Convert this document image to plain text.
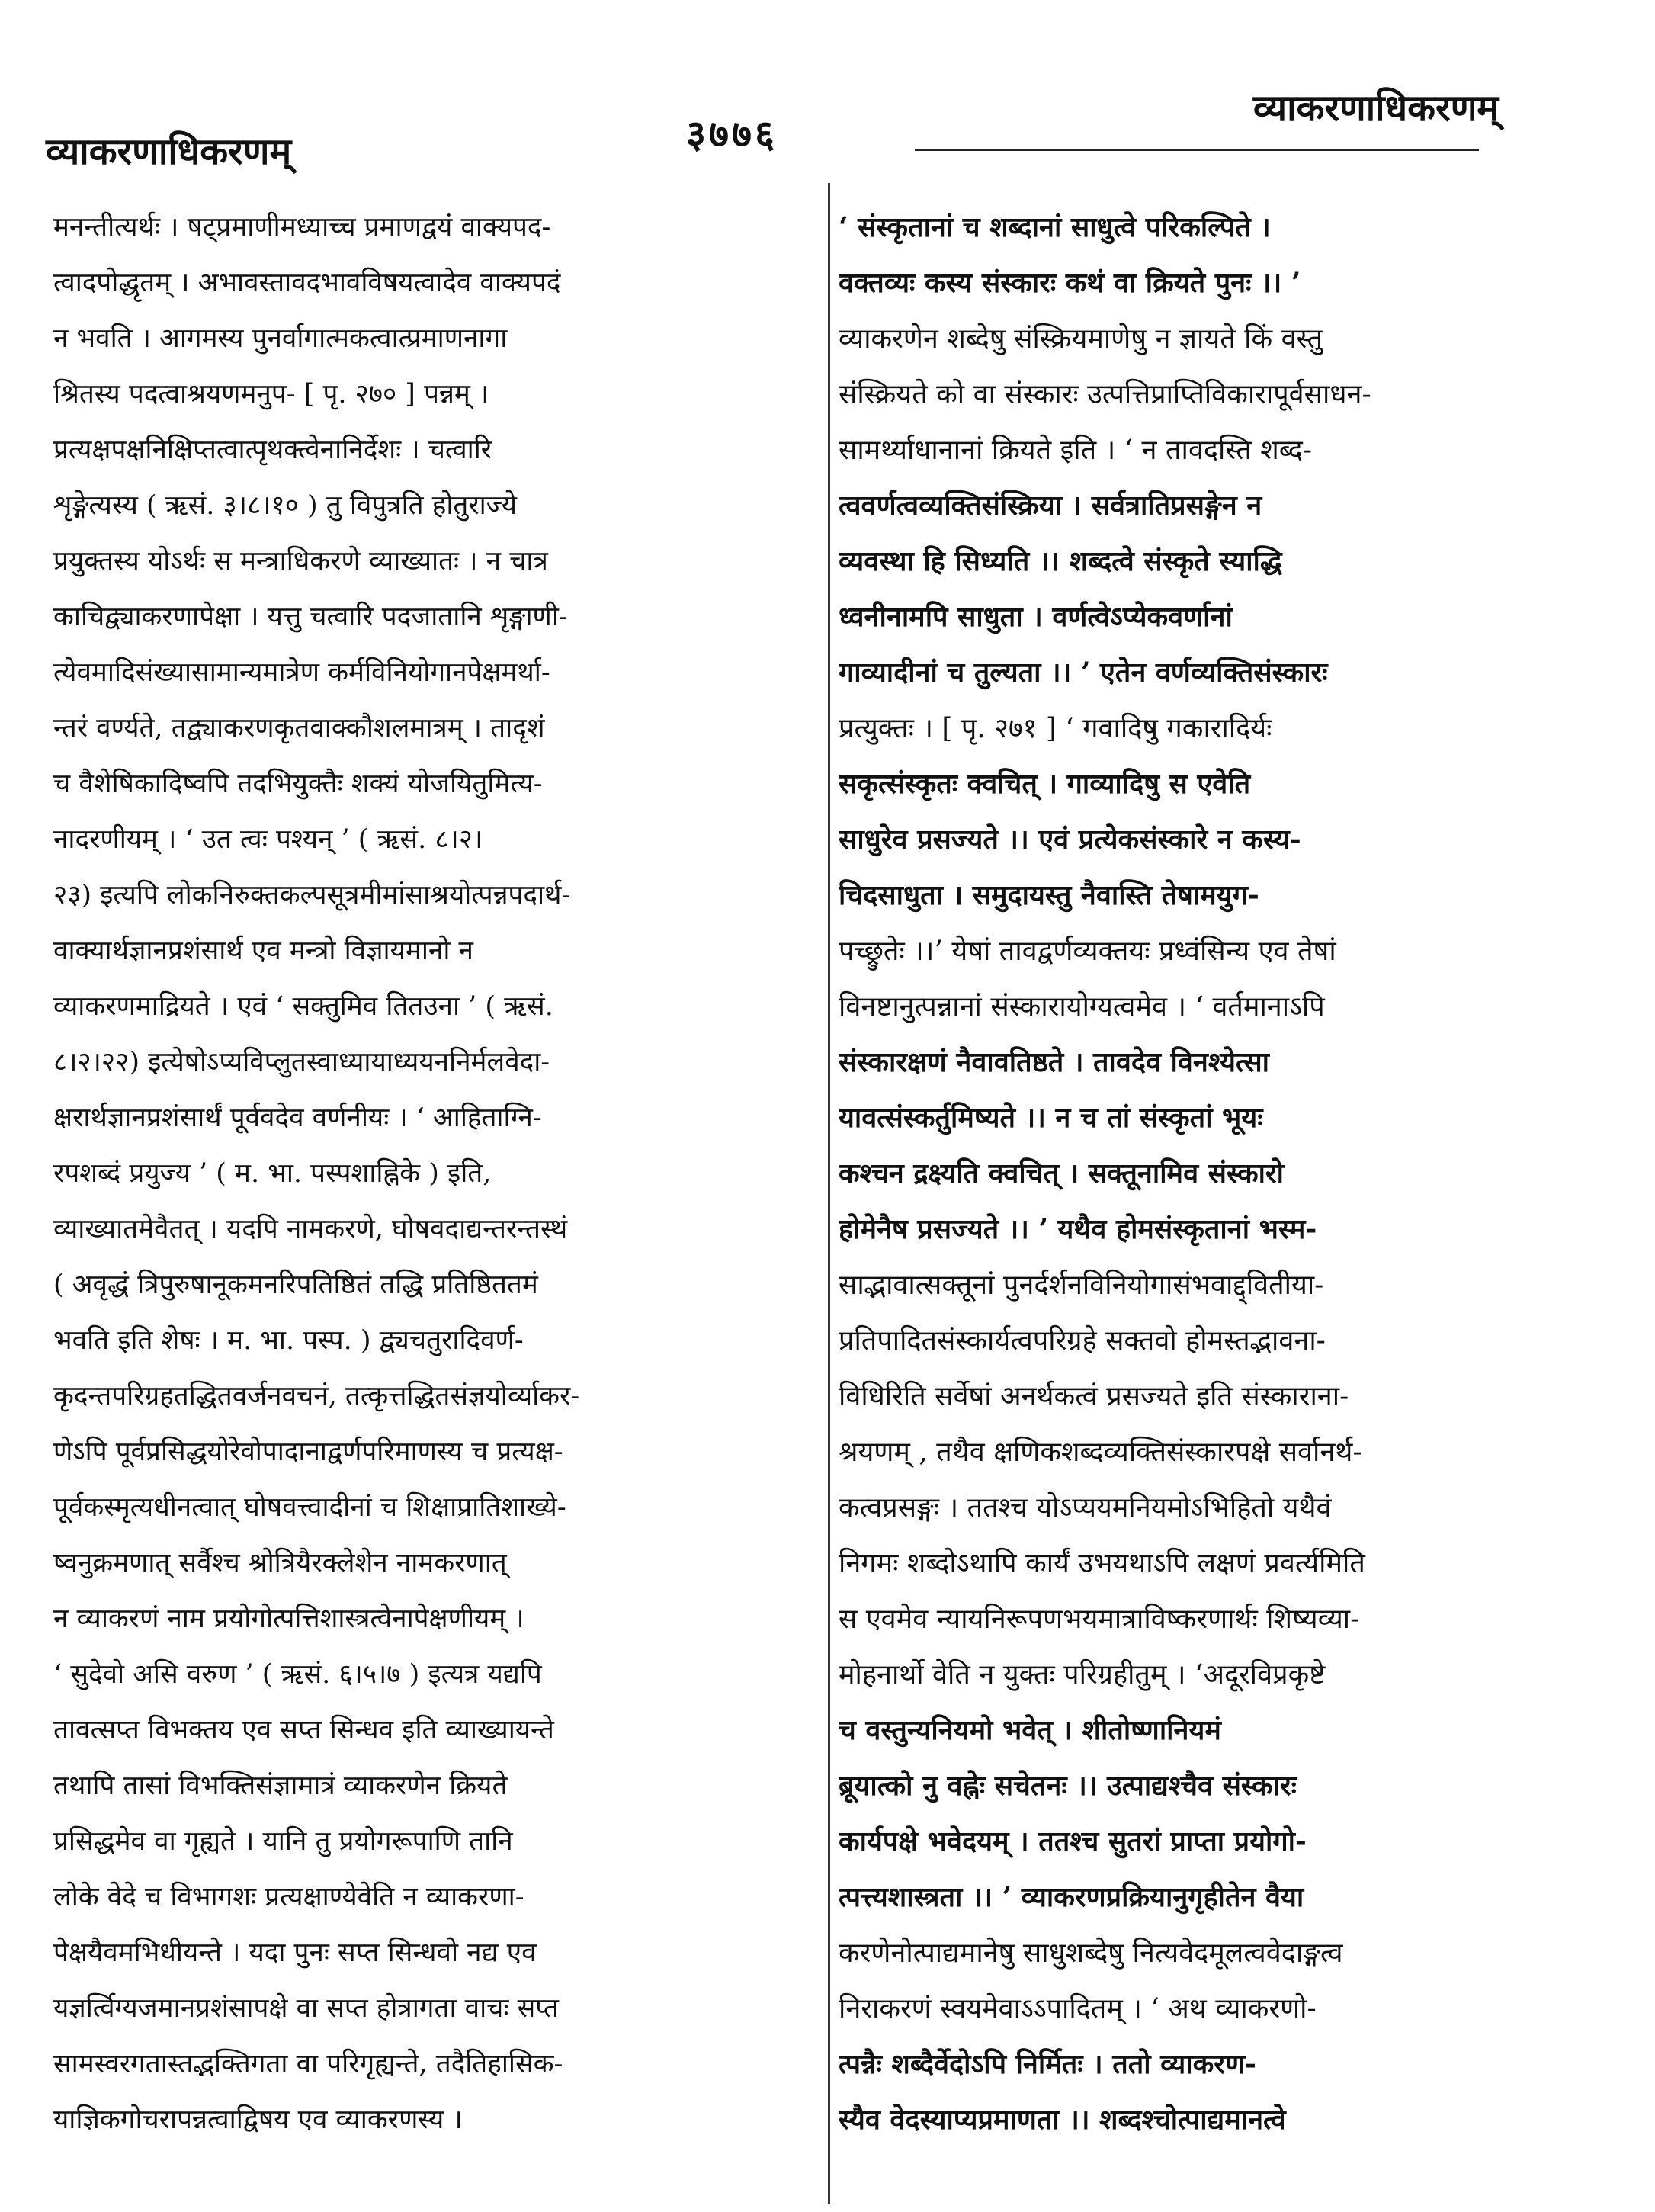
व्याकरणाधिकरणम्	३७७६
व्याकरणाधिकरणम्
मनन्तीत्यर्थः । षट्प्रमाणीमध्याच्च प्रमाणद्वयं वाक्यपद-
त्वादपोद्धृतम् । अभावस्तावदभावविषयत्वादेव वाक्यपदं
न भवति । आगमस्य पुनर्वागात्मकत्वात्प्रमाणनागा
श्रितस्य पदत्वाश्रयणमनुप- [ पृ. २७० ] पन्नम् ।
प्रत्यक्षपक्षनिक्षिप्तत्वात्पृथक्त्वेनानिर्देशः । चत्वारि
शृङ्गेत्यस्य ( ऋसं. ३।८।१० ) तु विपुत्रति होतुराज्ये
प्रयुक्तस्य योऽर्थः स मन्त्राधिकरणे व्याख्यातः । न चात्र
काचिद्व्याकरणापेक्षा । यत्तु चत्वारि पदजातानि शृङ्गाणी-
त्येवमादिसंख्यासामान्यमात्रेण कर्मविनियोगानपेक्षमर्था-
न्तरं वर्ण्यते, तद्व्याकरणकृतवाक्कौशलमात्रम् । तादृशं
च वैशेषिकादिष्वपि तदभियुक्तैः शक्यं योजयितुमित्य-
नादरणीयम् । ‘ उत त्वः पश्यन् ’ ( ऋसं. ८।२।
२३) इत्यपि लोकनिरुक्तकल्पसूत्रमीमांसाश्रयोत्पन्नपदार्थ-
वाक्यार्थज्ञानप्रशंसार्थ एव मन्त्रो विज्ञायमानो न
व्याकरणमाद्रियते । एवं ‘ सक्तुमिव तितउना ’ ( ऋसं.
८।२।२२) इत्येषोऽप्यविप्लुतस्वाध्यायाध्ययननिर्मलवेदा-
क्षरार्थज्ञानप्रशंसार्थं पूर्ववदेव वर्णनीयः । ‘ आहिताग्नि-
रपशब्दं प्रयुज्य ’ ( म. भा. पस्पशाह्निके ) इति,
व्याख्यातमेवैतत् । यदपि नामकरणे, घोषवदाद्यन्तरन्तस्थं
( अवृद्धं त्रिपुरुषानूकमनरिपतिष्ठितं तद्धि प्रतिष्ठिततमं
भवति इति शेषः । म. भा. पस्प. ) द्व्यचतुरादिवर्ण-
कृदन्तपरिग्रहतद्धितवर्जनवचनं, तत्कृत्तद्धितसंज्ञयोर्व्याकर-
णेऽपि पूर्वप्रसिद्धयोरेवोपादानाद्वर्णपरिमाणस्य च प्रत्यक्ष-
पूर्वकस्मृत्यधीनत्वात् घोषवत्त्वादीनां च शिक्षाप्रातिशाख्ये-
ष्वनुक्रमणात् सर्वैश्च श्रोत्रियैरक्लेशेन नामकरणात्
न व्याकरणं नाम प्रयोगोत्पत्तिशास्त्रत्वेनापेक्षणीयम् ।
‘ सुदेवो असि वरुण ’ ( ऋसं. ६।५।७ ) इत्यत्र यद्यपि
तावत्सप्त विभक्तय एव सप्त सिन्धव इति व्याख्यायन्ते
तथापि तासां विभक्तिसंज्ञामात्रं व्याकरणेन क्रियते
प्रसिद्धमेव वा गृह्यते । यानि तु प्रयोगरूपाणि तानि
लोके वेदे च विभागशः प्रत्यक्षाण्येवेति न व्याकरणा-
पेक्षयैवमभिधीयन्ते । यदा पुनः सप्त सिन्धवो नद्य एव
यज्ञर्त्विग्यजमानप्रशंसापक्षे वा सप्त होत्रागता वाचः सप्त
सामस्वरगतास्तद्भक्तिगता वा परिगृह्यन्ते, तदैतिहासिक-
याज्ञिकगोचरापन्नत्वाद्विषय एव व्याकरणस्य ।
‘ संस्कृतानां च शब्दानां साधुत्वे परिकल्पिते ।
वक्तव्यः कस्य संस्कारः कथं वा क्रियते पुनः ।। ’
व्याकरणेन शब्देषु संस्क्रियमाणेषु न ज्ञायते किं वस्तु
संस्क्रियते को वा संस्कारः उत्पत्तिप्राप्तिविकारापूर्वसाधन-
सामर्थ्याधानानां क्रियते इति । ‘ न तावदस्ति शब्द-
त्ववर्णत्वव्यक्तिसंस्क्रिया । सर्वत्रातिप्रसङ्गेन न
व्यवस्था हि सिध्यति ।। शब्दत्वे संस्कृते स्याद्धि
ध्वनीनामपि साधुता । वर्णत्वेऽप्येकवर्णानां
गाव्यादीनां च तुल्यता ।। ’ एतेन वर्णव्यक्तिसंस्कारः
प्रत्युक्तः । [ पृ. २७१ ] ‘ गवादिषु गकारादिर्यः
सकृत्संस्कृतः क्वचित् । गाव्यादिषु स एवेति
साधुरेव प्रसज्यते ।। एवं प्रत्येकसंस्कारे न कस्य-
चिदसाधुता । समुदायस्तु नैवास्ति तेषामयुग-
पच्छ्रुतेः ।।’ येषां तावद्वर्णव्यक्तयः प्रध्वंसिन्य एव तेषां
विनष्टानुत्पन्नानां संस्कारायोग्यत्वमेव । ‘ वर्तमानाऽपि
संस्कारक्षणं नैवावतिष्ठते । तावदेव विनश्येत्सा
यावत्संस्कर्तुमिष्यते ।। न च तां संस्कृतां भूयः
कश्चन द्रक्ष्यति क्वचित् । सक्तूनामिव संस्कारो
होमेनैष प्रसज्यते ।। ’ यथैव होमसंस्कृतानां भस्म-
साद्भावात्सक्तूनां पुनर्दर्शनविनियोगासंभवाद्द्वितीया-
प्रतिपादितसंस्कार्यत्वपरिग्रहे सक्तवो होमस्तद्भावना-
विधिरिति सर्वेषां अनर्थकत्वं प्रसज्यते इति संस्काराना-
श्रयणम् , तथैव क्षणिकशब्दव्यक्तिसंस्कारपक्षे सर्वानर्थ-
कत्वप्रसङ्गः । ततश्च योऽप्ययमनियमोऽभिहितो यथैवं
निगमः शब्दोऽथापि कार्यं उभयथाऽपि लक्षणं प्रवर्त्यमिति
स एवमेव न्यायनिरूपणभयमात्राविष्करणार्थः शिष्यव्या-
मोहनार्थो वेति न युक्तः परिग्रहीतुम् । ‘अदूरविप्रकृष्टे
च वस्तुन्यनियमो भवेत् । शीतोष्णानियमं
ब्रूयात्को नु वह्नेः सचेतनः ।। उत्पाद्यश्चैव संस्कारः
कार्यपक्षे भवेदयम् । ततश्च सुतरां प्राप्ता प्रयोगो-
त्पत्त्यशास्त्रता ।। ’ व्याकरणप्रक्रियानुगृहीतेन वैया
करणेनोत्पाद्यमानेषु साधुशब्देषु नित्यवेदमूलत्ववेदाङ्गत्व
निराकरणं स्वयमेवाऽऽपादितम् । ‘ अथ व्याकरणो-
त्पन्नैः शब्दैर्वेदोऽपि निर्मितः । ततो व्याकरण-
स्यैव वेदस्याप्यप्रमाणता ।। शब्दश्चोत्पाद्यमानत्वे
